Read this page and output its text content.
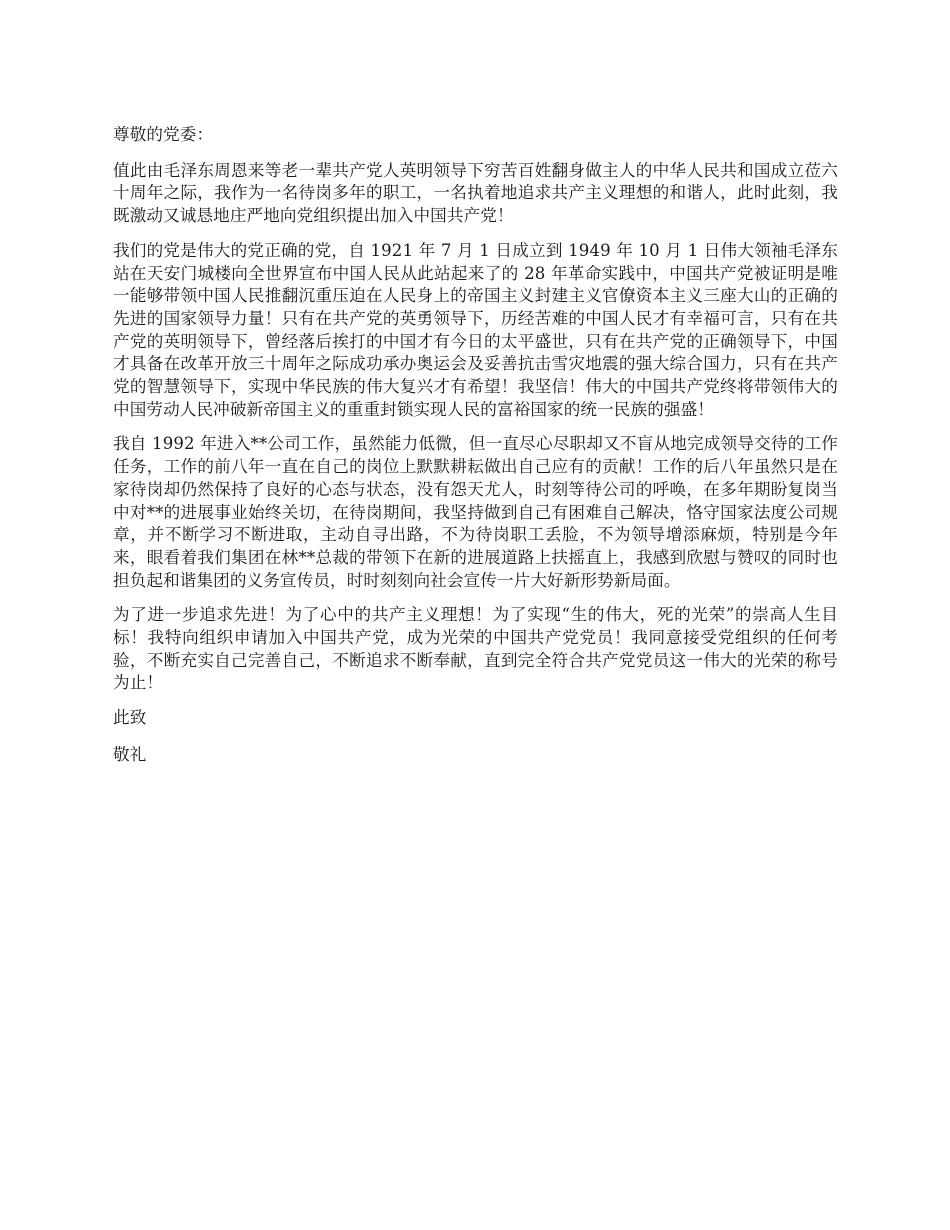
尊敬的党委：

值此由毛泽东周恩来等老一辈共产党人英明领导下穷苦百姓翻身做主人的中华人民共和国成立莅六十周年之际，我作为一名待岗多年的职工，一名执着地追求共产主义理想的和谐人，此时此刻，我既激动又诚恳地庄严地向党组织提出加入中国共产党！

我们的党是伟大的党正确的党，自 1921 年 7 月 1 日成立到 1949 年 10 月 1 日伟大领袖毛泽东站在天安门城楼向全世界宣布中国人民从此站起来了的 28 年革命实践中，中国共产党被证明是唯一能够带领中国人民推翻沉重压迫在人民身上的帝国主义封建主义官僚资本主义三座大山的正确的先进的国家领导力量！只有在共产党的英勇领导下，历经苦难的中国人民才有幸福可言，只有在共产党的英明领导下，曾经落后挨打的中国才有今日的太平盛世，只有在共产党的正确领导下，中国才具备在改革开放三十周年之际成功承办奥运会及妥善抗击雪灾地震的强大综合国力，只有在共产党的智慧领导下，实现中华民族的伟大复兴才有希望！我坚信！伟大的中国共产党终将带领伟大的中国劳动人民冲破新帝国主义的重重封锁实现人民的富裕国家的统一民族的强盛！

我自 1992 年进入**公司工作，虽然能力低微，但一直尽心尽职却又不盲从地完成领导交待的工作任务，工作的前八年一直在自己的岗位上默默耕耘做出自己应有的贡献！工作的后八年虽然只是在家待岗却仍然保持了良好的心态与状态，没有怨天尤人，时刻等待公司的呼唤，在多年期盼复岗当中对**的进展事业始终关切，在待岗期间，我坚持做到自己有困难自己解决，恪守国家法度公司规章，并不断学习不断进取，主动自寻出路，不为待岗职工丢脸，不为领导增添麻烦，特别是今年来，眼看着我们集团在林**总裁的带领下在新的进展道路上扶摇直上，我感到欣慰与赞叹的同时也担负起和谐集团的义务宣传员，时时刻刻向社会宣传一片大好新形势新局面。

为了进一步追求先进！为了心中的共产主义理想！为了实现“生的伟大，死的光荣”的崇高人生目标！我特向组织申请加入中国共产党，成为光荣的中国共产党党员！我同意接受党组织的任何考验，不断充实自己完善自己，不断追求不断奉献，直到完全符合共产党党员这一伟大的光荣的称号为止！

此致

敬礼
